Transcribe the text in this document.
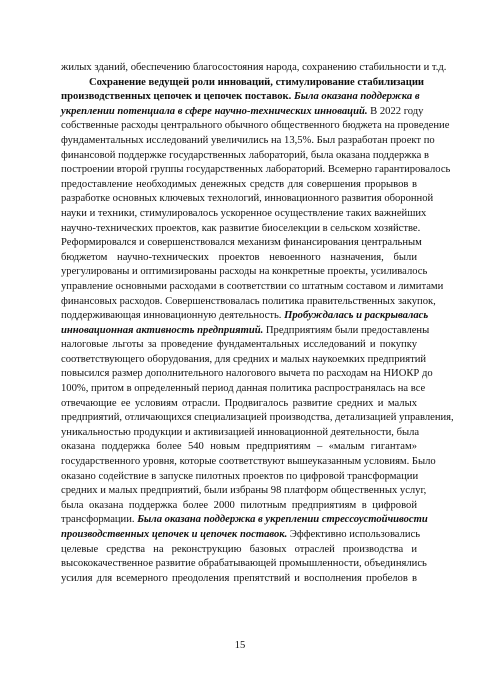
жилых зданий, обеспечению благосостояния народа, сохранению стабильности и т.д.
Сохранение ведущей роли инноваций, стимулирование стабилизации
производственных цепочек и цепочек поставок. Была оказана поддержка в
укреплении потенциала в сфере научно-технических инноваций. В 2022 году
собственные расходы центрального обычного общественного бюджета на проведение
фундаментальных исследований увеличились на 13,5%. Был разработан проект по
финансовой поддержке государственных лабораторий, была оказана поддержка в
построении второй группы государственных лабораторий. Всемерно гарантировалось
предоставление необходимых денежных средств для совершения прорывов в
разработке основных ключевых технологий, инновационного развития оборонной
науки и техники, стимулировалось ускоренное осуществление таких важнейших
научно-технических проектов, как развитие биоселекции в сельском хозяйстве.
Реформировался и совершенствовался механизм финансирования центральным
бюджетом научно-технических проектов невоенного назначения, были
урегулированы и оптимизированы расходы на конкретные проекты, усиливалось
управление основными расходами в соответствии со штатным составом и лимитами
финансовых расходов. Совершенствовалась политика правительственных закупок,
поддерживающая инновационную деятельность. Пробуждалась и раскрывалась
инновационная активность предприятий. Предприятиям были предоставлены
налоговые льготы за проведение фундаментальных исследований и покупку
соответствующего оборудования, для средних и малых наукоемких предприятий
повысился размер дополнительного налогового вычета по расходам на НИОКР до
100%, притом в определенный период данная политика распространялась на все
отвечающие ее условиям отрасли. Продвигалось развитие средних и малых
предприятий, отличающихся специализацией производства, детализацией управления,
уникальностью продукции и активизацией инновационной деятельности, была
оказана поддержка более 540 новым предприятиям – «малым гигантам»
государственного уровня, которые соответствуют вышеуказанным условиям. Было
оказано содействие в запуске пилотных проектов по цифровой трансформации
средних и малых предприятий, были избраны 98 платформ общественных услуг,
была оказана поддержка более 2000 пилотным предприятиям в цифровой
трансформации. Была оказана поддержка в укреплении стрессоустойчивости
производственных цепочек и цепочек поставок. Эффективно использовались
целевые средства на реконструкцию базовых отраслей производства и
высококачественное развитие обрабатывающей промышленности, объединялись
усилия для всемерного преодоления препятствий и восполнения пробелов в
15
